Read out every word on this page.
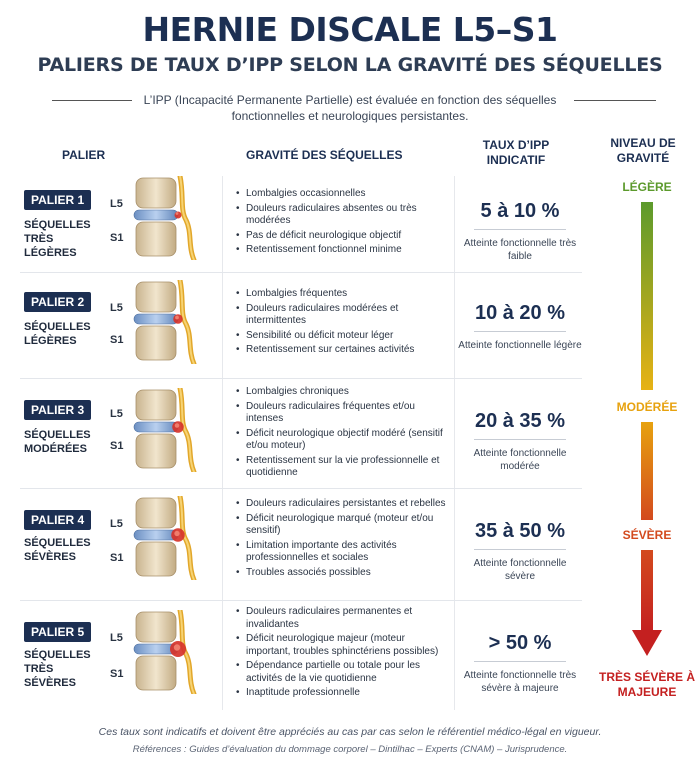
HERNIE DISCALE L5–S1
PALIERS DE TAUX D’IPP SELON LA GRAVITÉ DES SÉQUELLES
L’IPP (Incapacité Permanente Partielle) est évaluée en fonction des séquelles fonctionnelles et neurologiques persistantes.
PALIER	GRAVITÉ DES SÉQUELLES
TAUX D’IPP INDICATIF
NIVEAU DE GRAVITÉ
PALIER 1
SÉQUELLES TRÈS LÉGÈRES
L5
S1
• Lombalgies occasionnelles
• Douleurs radiculaires absentes ou très modérées
• Pas de déficit neurologique objectif
• Retentissement fonctionnel minime
5 à 10 %
Atteinte fonctionnelle très faible
PALIER 2
SÉQUELLES LÉGÈRES
L5
S1
• Lombalgies fréquentes
• Douleurs radiculaires modérées et intermittentes
• Sensibilité ou déficit moteur léger
• Retentissement sur certaines activités
10 à 20 %
Atteinte fonctionnelle légère
PALIER 3
SÉQUELLES MODÉRÉES
L5
S1
• Lombalgies chroniques
• Douleurs radiculaires fréquentes et/ou intenses
• Déficit neurologique objectif modéré (sensitif et/ou moteur)
• Retentissement sur la vie professionnelle et quotidienne
20 à 35 %
Atteinte fonctionnelle modérée
PALIER 4
SÉQUELLES SÉVÈRES
L5
S1
• Douleurs radiculaires persistantes et rebelles
• Déficit neurologique marqué (moteur et/ou sensitif)
• Limitation importante des activités professionnelles et sociales
• Troubles associés possibles
35 à 50 %
Atteinte fonctionnelle sévère
PALIER 5
SÉQUELLES TRÈS SÉVÈRES
L5
S1
• Douleurs radiculaires permanentes et invalidantes
• Déficit neurologique majeur (moteur important, troubles sphinctériens possibles)
• Dépendance partielle ou totale pour les activités de la vie quotidienne
• Inaptitude professionnelle
> 50 %
Atteinte fonctionnelle très sévère à majeure
LÉGÈRE
MODÉRÉE
SÉVÈRE
TRÈS SÉVÈRE À MAJEURE
Ces taux sont indicatifs et doivent être appréciés au cas par cas selon le référentiel médico-légal en vigueur.
Références : Guides d’évaluation du dommage corporel – Dintilhac – Experts (CNAM) – Jurisprudence.
